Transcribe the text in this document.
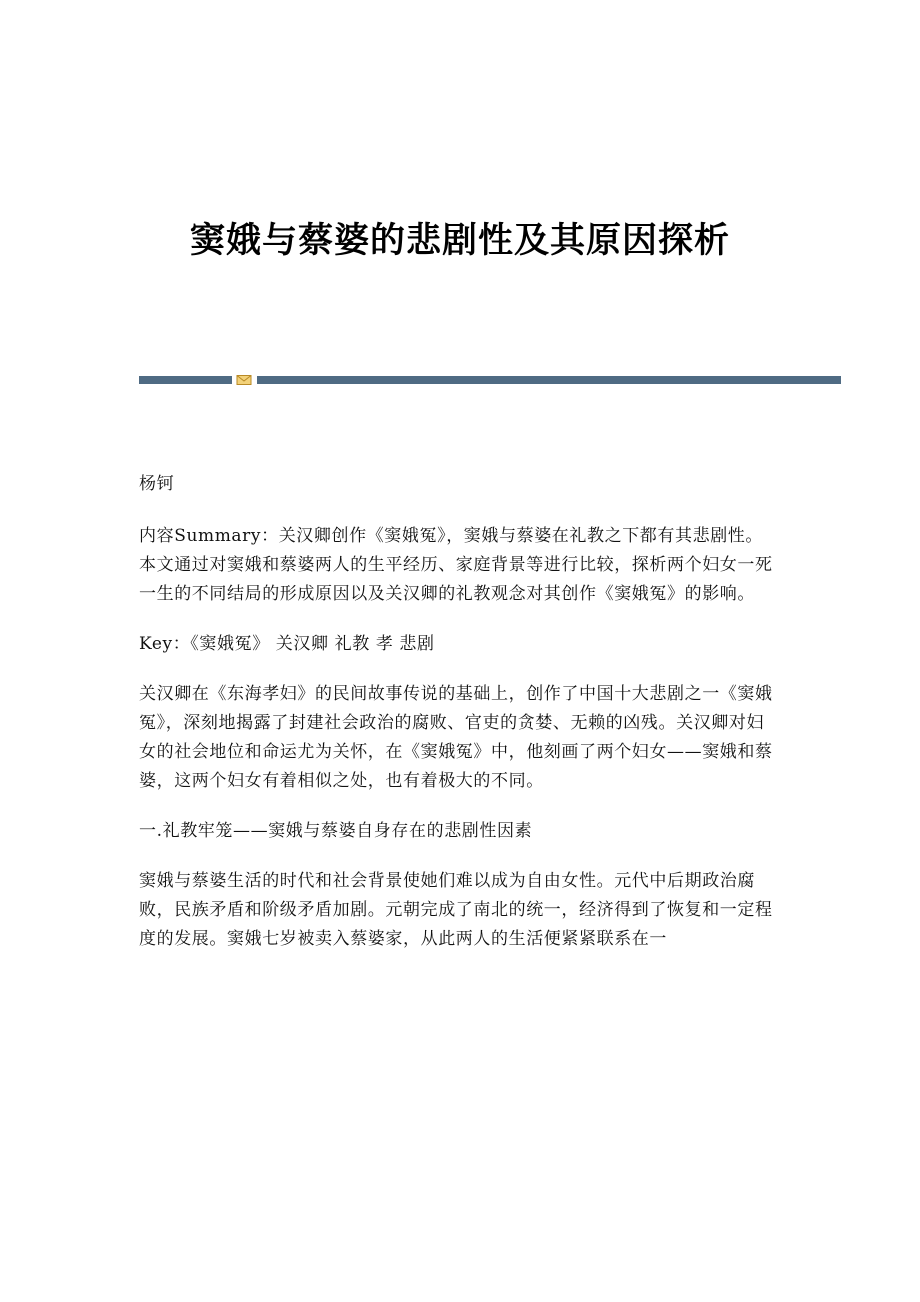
窦娥与蔡婆的悲剧性及其原因探析

杨钶

内容Summary：关汉卿创作《窦娥冤》，窦娥与蔡婆在礼教之下都有其悲剧性。本文通过对窦娥和蔡婆两人的生平经历、家庭背景等进行比较，探析两个妇女一死一生的不同结局的形成原因以及关汉卿的礼教观念对其创作《窦娥冤》的影响。

Key：《窦娥冤》 关汉卿 礼教 孝 悲剧

关汉卿在《东海孝妇》的民间故事传说的基础上，创作了中国十大悲剧之一《窦娥冤》，深刻地揭露了封建社会政治的腐败、官吏的贪婪、无赖的凶残。关汉卿对妇女的社会地位和命运尤为关怀，在《窦娥冤》中，他刻画了两个妇女——窦娥和蔡婆，这两个妇女有着相似之处，也有着极大的不同。

一.礼教牢笼——窦娥与蔡婆自身存在的悲剧性因素

窦娥与蔡婆生活的时代和社会背景使她们难以成为自由女性。元代中后期政治腐败，民族矛盾和阶级矛盾加剧。元朝完成了南北的统一，经济得到了恢复和一定程度的发展。窦娥七岁被卖入蔡婆家，从此两人的生活便紧紧联系在一
